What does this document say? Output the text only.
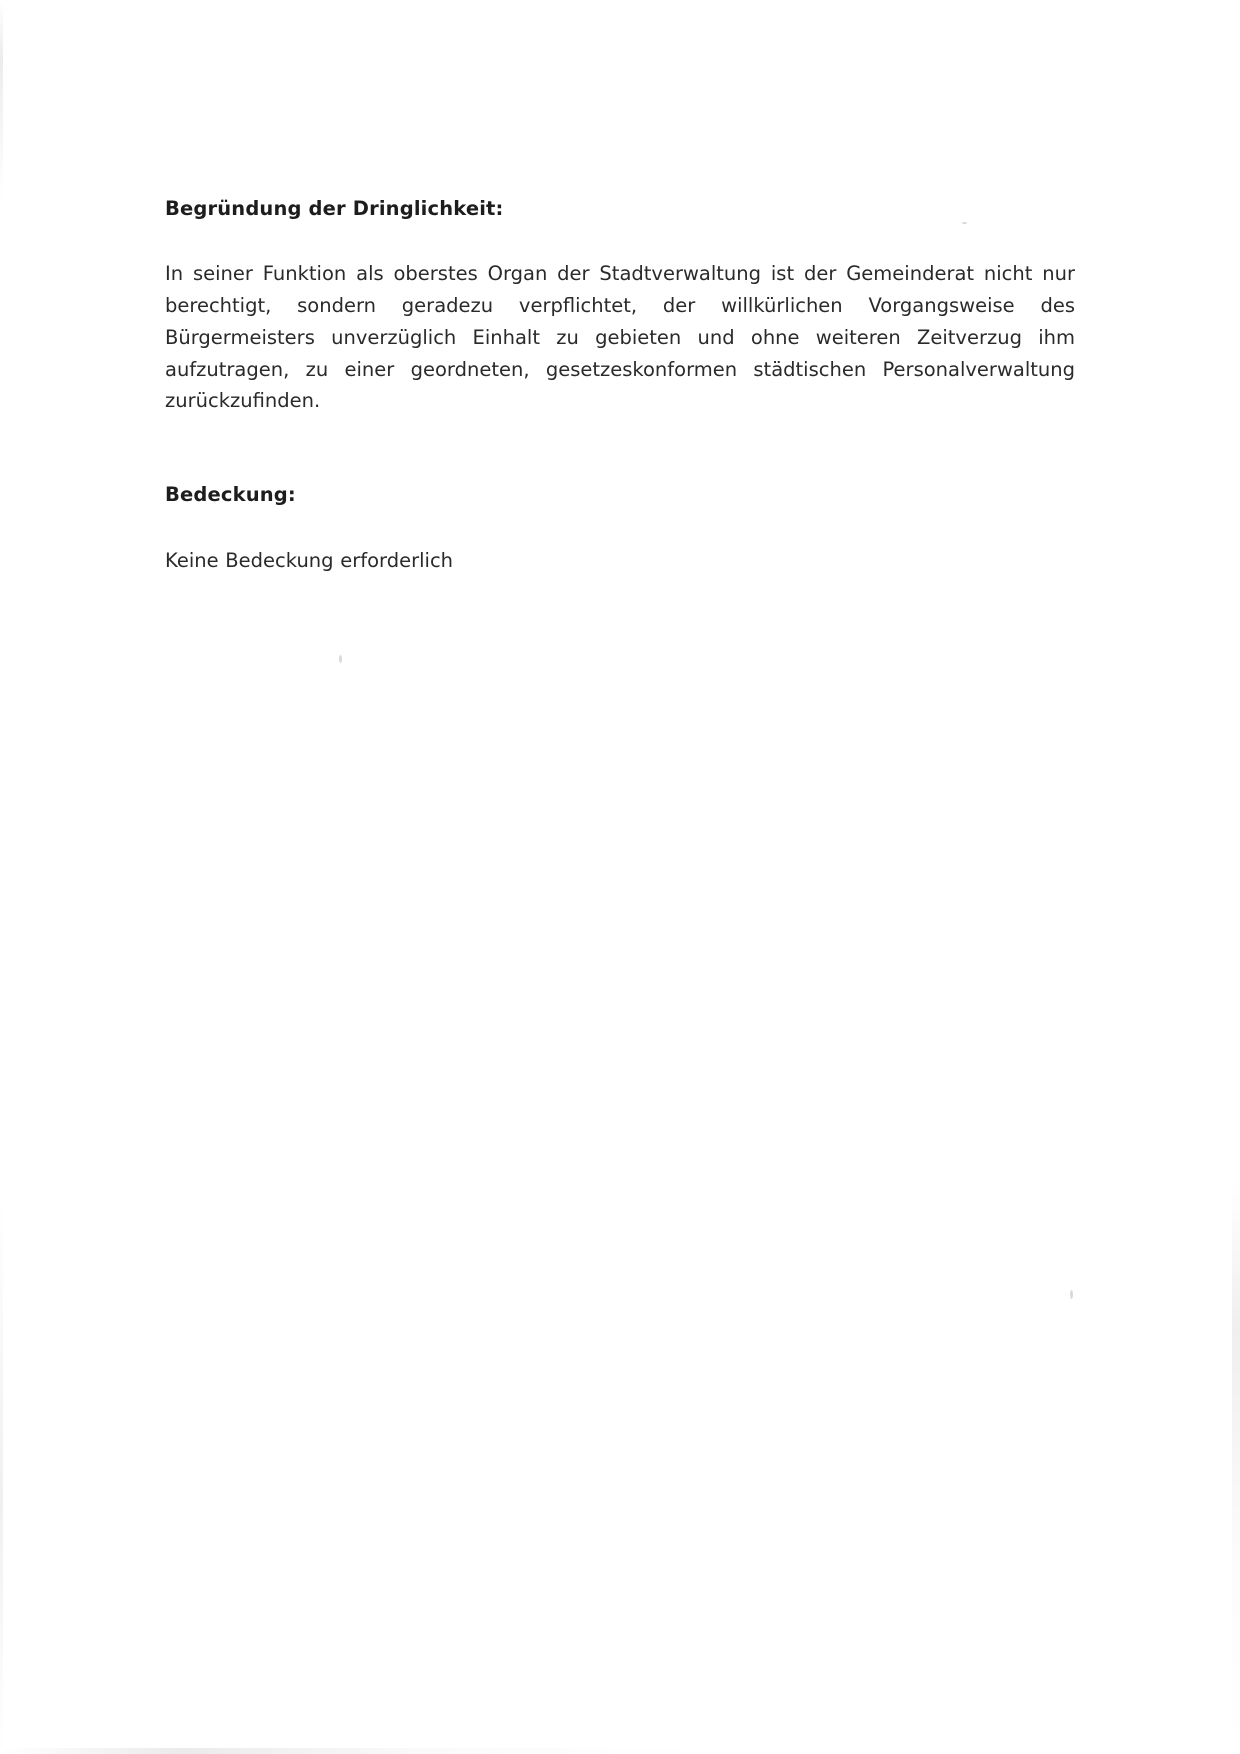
Begründung der Dringlichkeit:

In seiner Funktion als oberstes Organ der Stadtverwaltung ist der Gemeinderat nicht nur berechtigt, sondern geradezu verpflichtet, der willkürlichen Vorgangsweise des Bürgermeisters unverzüglich Einhalt zu gebieten und ohne weiteren Zeitverzug ihm aufzutragen, zu einer geordneten, gesetzeskonformen städtischen Personalverwaltung zurückzufinden.

Bedeckung:

Keine Bedeckung erforderlich
